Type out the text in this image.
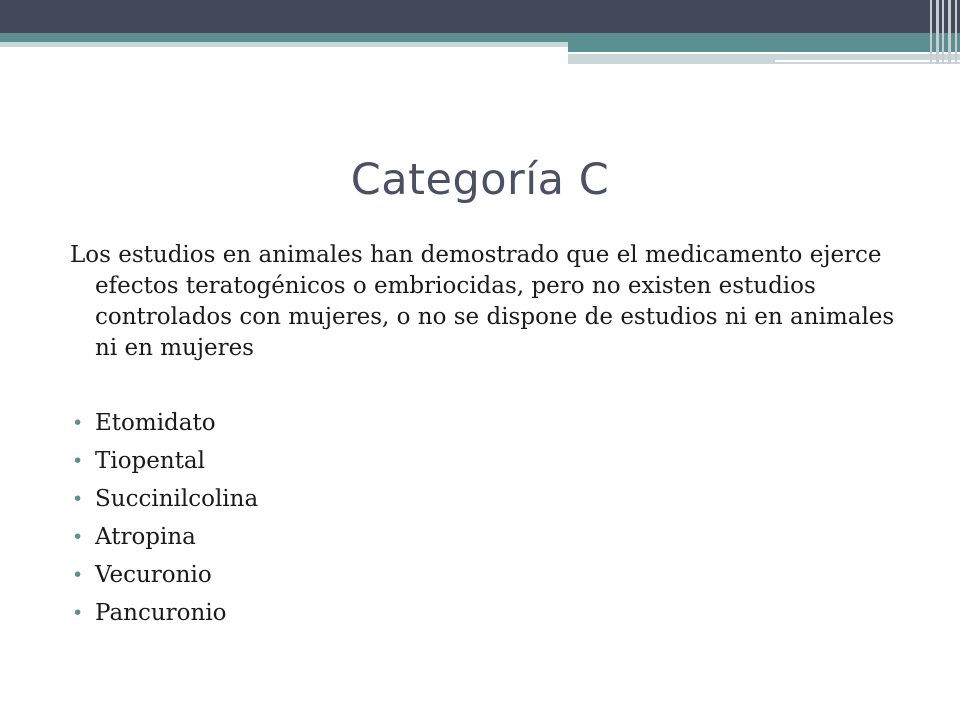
Categoría C

Los estudios en animales han demostrado que el medicamento ejerce efectos teratogénicos o embriocidas, pero no existen estudios controlados con mujeres, o no se dispone de estudios ni en animales ni en mujeres

• Etomidato
• Tiopental
• Succinilcolina
• Atropina
• Vecuronio
• Pancuronio
